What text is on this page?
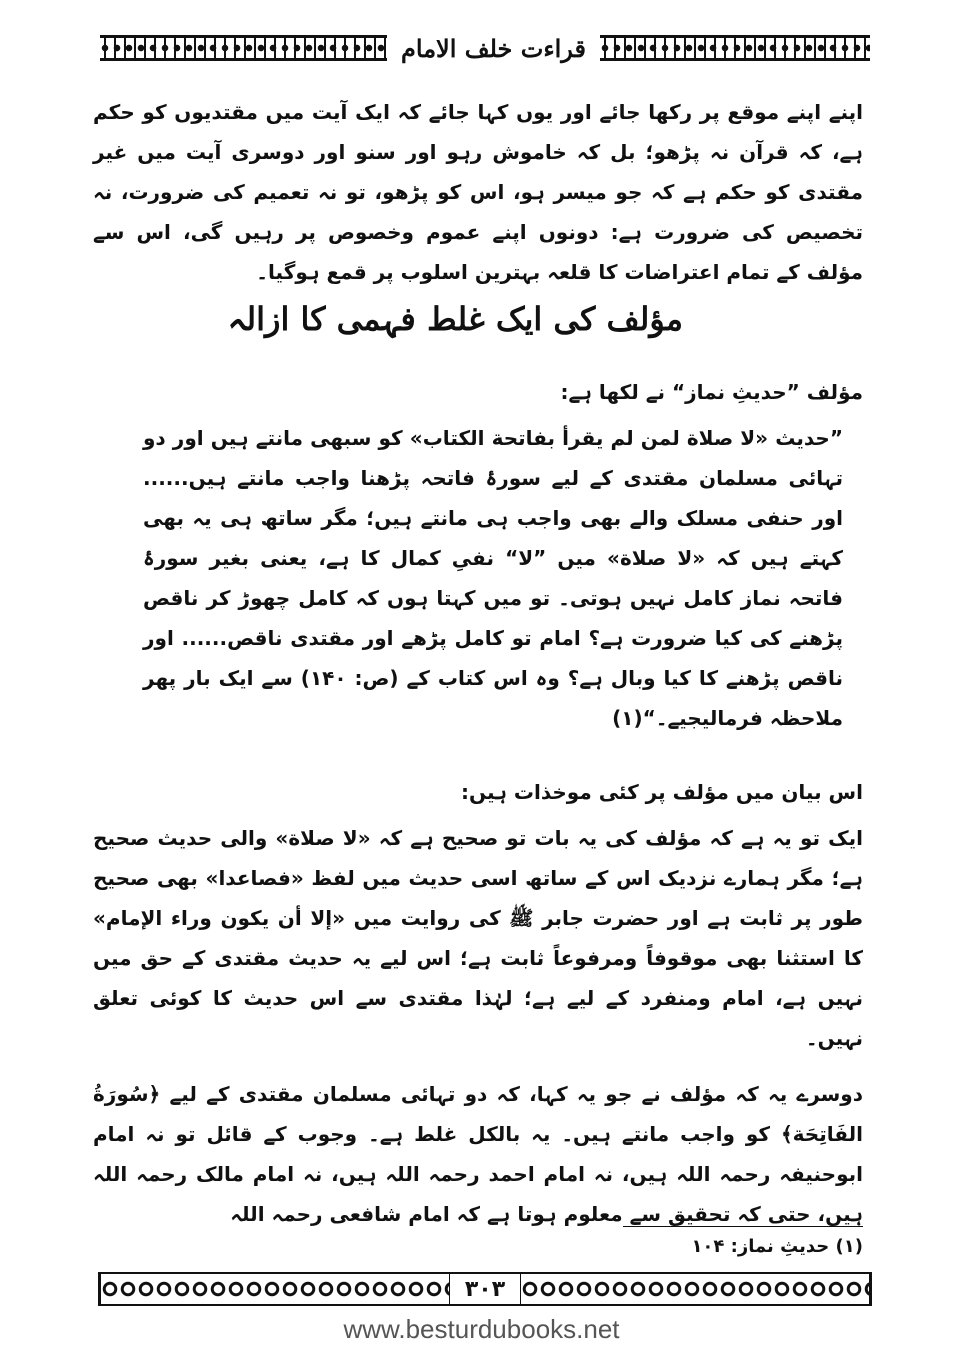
قراءت خلف الامام

اپنے اپنے موقع پر رکھا جائے اور یوں کہا جائے کہ ایک آیت میں مقتدیوں کو حکم ہے، کہ قرآن نہ پڑھو؛ بل کہ خاموش رہو اور سنو اور دوسری آیت میں غیر مقتدی کو حکم ہے کہ جو میسر ہو، اس کو پڑھو، تو نہ تعمیم کی ضرورت، نہ تخصیص کی ضرورت ہے: دونوں اپنے عموم وخصوص پر رہیں گی، اس سے مؤلف کے تمام اعتراضات کا قلعہ بہترین اسلوب پر قمع ہوگیا۔

مؤلف کی ایک غلط فہمی کا ازالہ

مؤلف ”حدیثِ نماز“ نے لکھا ہے:

”حدیث «لا صلاة لمن لم يقرأ بفاتحة الكتاب» کو سبھی مانتے ہیں اور دو تہائی مسلمان مقتدی کے لیے سورۂ فاتحہ پڑھنا واجب مانتے ہیں...... اور حنفی مسلک والے بھی واجب ہی مانتے ہیں؛ مگر ساتھ ہی یہ بھی کہتے ہیں کہ «لا صلاة» میں ”لا“ نفیِ کمال کا ہے، یعنی بغیر سورۂ فاتحہ نماز کامل نہیں ہوتی۔ تو میں کہتا ہوں کہ کامل چھوڑ کر ناقص پڑھنے کی کیا ضرورت ہے؟ امام تو کامل پڑھے اور مقتدی ناقص...... اور ناقص پڑھنے کا کیا وبال ہے؟ وہ اس کتاب کے (ص: ۱۴۰) سے ایک بار پھر ملاحظہ فرمالیجیے۔“(۱)

اس بیان میں مؤلف پر کئی موخذات ہیں:

ایک تو یہ ہے کہ مؤلف کی یہ بات تو صحیح ہے کہ «لا صلاة» والی حدیث صحیح ہے؛ مگر ہمارے نزدیک اس کے ساتھ اسی حدیث میں لفظ «فصاعدا» بھی صحیح طور پر ثابت ہے اور حضرت جابر ﷺ کی روایت میں «إلا أن يكون وراء الإمام» کا استثنا بھی موقوفاً ومرفوعاً ثابت ہے؛ اس لیے یہ حدیث مقتدی کے حق میں نہیں ہے، امام ومنفرد کے لیے ہے؛ لہٰذا مقتدی سے اس حدیث کا کوئی تعلق نہیں۔

دوسرے یہ کہ مؤلف نے جو یہ کہا، کہ دو تہائی مسلمان مقتدی کے لیے ﴿سُورَةُ الفَاتِحَة﴾ کو واجب مانتے ہیں۔ یہ بالکل غلط ہے۔ وجوب کے قائل تو نہ امام ابوحنیفہ رحمہ اللہ ہیں، نہ امام احمد رحمہ اللہ ہیں، نہ امام مالک رحمہ اللہ ہیں، حتی کہ تحقیق سے معلوم ہوتا ہے کہ امام شافعی رحمہ اللہ

(۱) حدیثِ نماز: ۱۰۴
۳۰۳
www.besturdubooks.net
